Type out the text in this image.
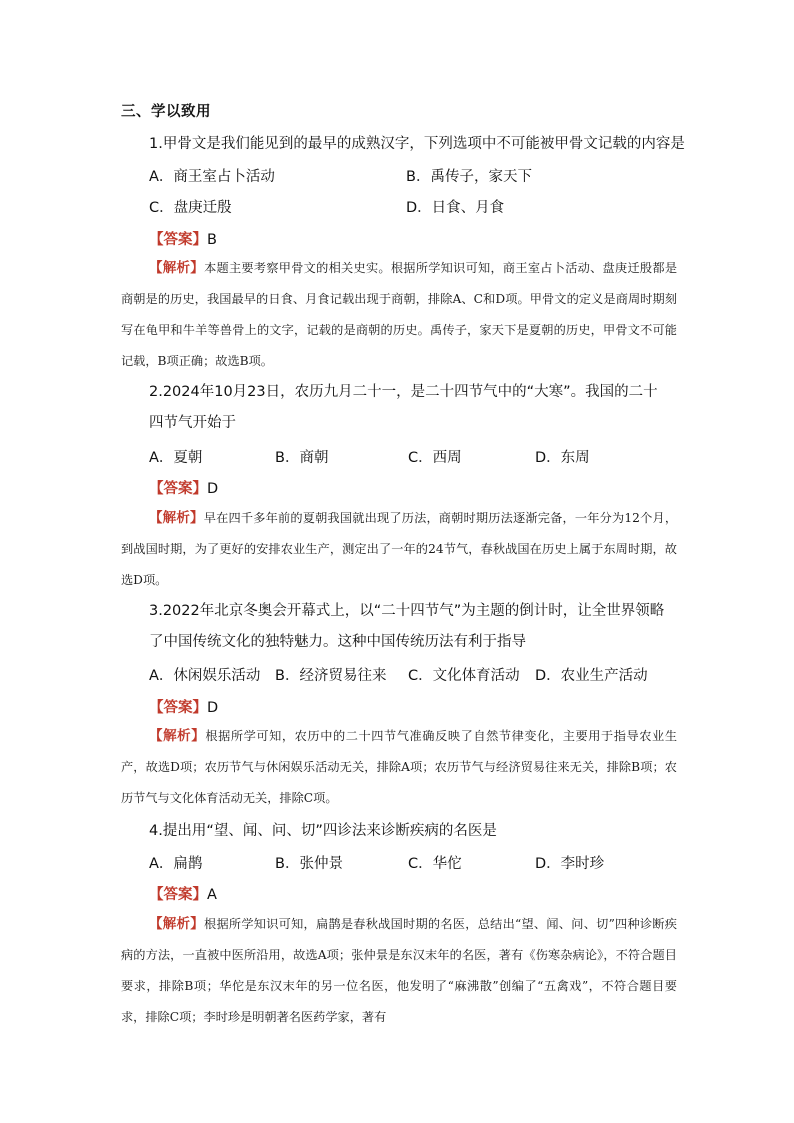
三、学以致用
1.甲骨文是我们能见到的最早的成熟汉字，下列选项中不可能被甲骨文记载的内容是
A．商王室占卜活动	B．禹传子，家天下
C．盘庚迁殷	D．日食、月食
【答案】B
【解析】本题主要考察甲骨文的相关史实。根据所学知识可知，商王室占卜活动、盘庚迁殷都是商朝是的历史，我国最早的日食、月食记载出现于商朝，排除A、C和D项。甲骨文的定义是商周时期刻写在龟甲和牛羊等兽骨上的文字，记载的是商朝的历史。禹传子，家天下是夏朝的历史，甲骨文不可能记载，B项正确；故选B项。
2.2024年10月23日，农历九月二十一，是二十四节气中的“大寒”。我国的二十四节气开始于
A．夏朝	B．商朝	C．西周	D．东周
【答案】D
【解析】早在四千多年前的夏朝我国就出现了历法，商朝时期历法逐渐完备，一年分为12个月，到战国时期，为了更好的安排农业生产，测定出了一年的24节气，春秋战国在历史上属于东周时期，故选D项。
3.2022年北京冬奥会开幕式上，以“二十四节气”为主题的倒计时，让全世界领略了中国传统文化的独特魅力。这种中国传统历法有利于指导
A．休闲娱乐活动 B．经济贸易往来 C．文化体育活动 D．农业生产活动
【答案】D
【解析】根据所学可知，农历中的二十四节气准确反映了自然节律变化，主要用于指导农业生产，故选D项；农历节气与休闲娱乐活动无关，排除A项；农历节气与经济贸易往来无关，排除B项；农历节气与文化体育活动无关，排除C项。
4.提出用“望、闻、问、切”四诊法来诊断疾病的名医是
A．扁鹊	B．张仲景	C．华佗	D．李时珍
【答案】A
【解析】根据所学知识可知，扁鹊是春秋战国时期的名医，总结出“望、闻、问、切”四种诊断疾病的方法，一直被中医所沿用，故选A项；张仲景是东汉末年的名医，著有《伤寒杂病论》，不符合题目要求，排除B项；华佗是东汉末年的另一位名医，他发明了“麻沸散”创编了“五禽戏”，不符合题目要求，排除C项；李时珍是明朝著名医药学家，著有
